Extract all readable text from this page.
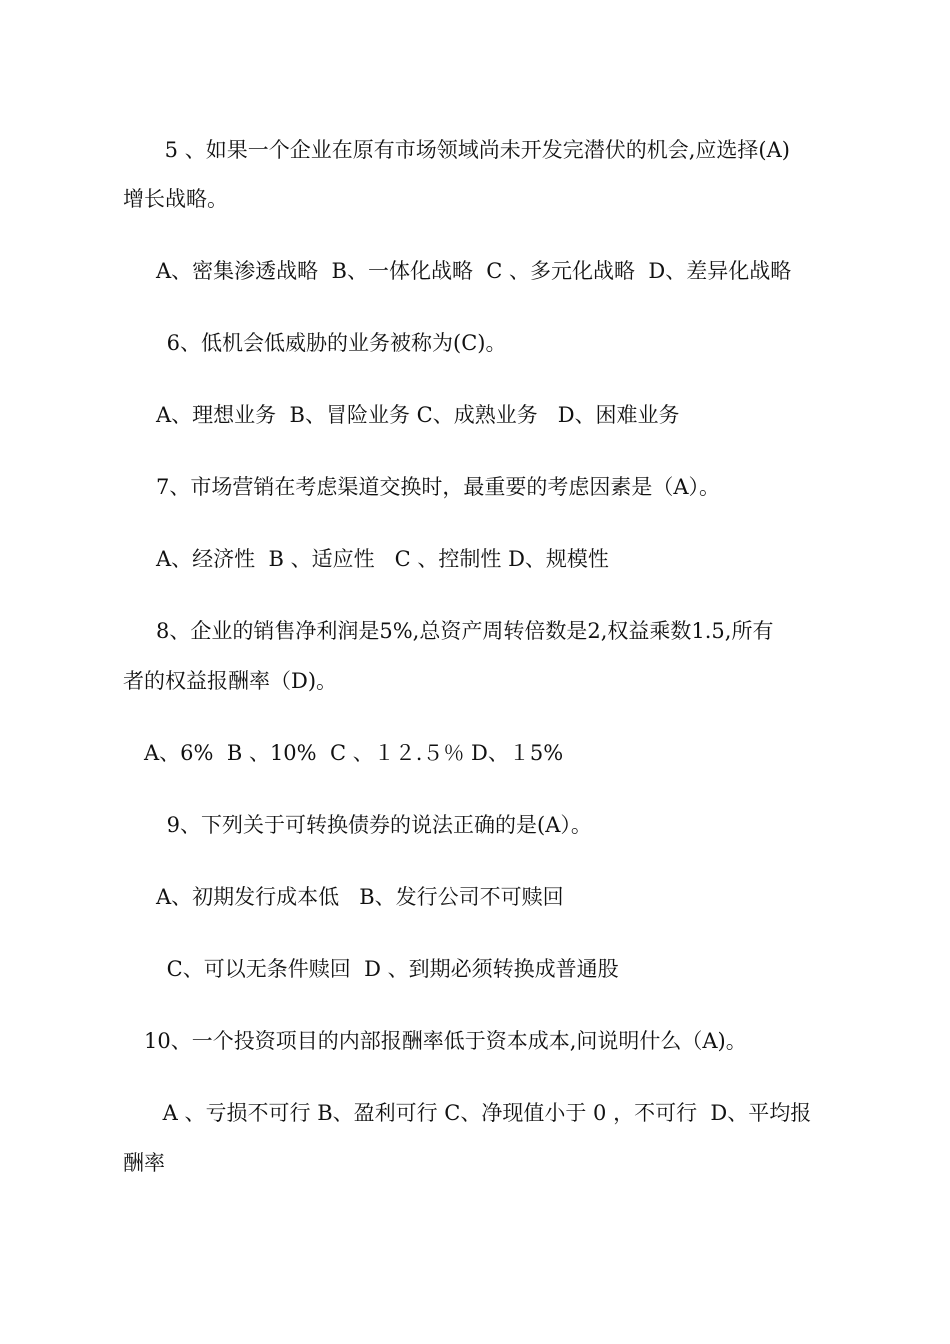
5 、如果一个企业在原有市场领域尚未开发完潜伏的机会,应选择(A)
增长战略。
A、密集渗透战略  B、一体化战略  C 、多元化战略  D、差异化战略
6、低机会低威胁的业务被称为(C)。
A、理想业务  B、冒险业务 C、成熟业务   D、困难业务
7、市场营销在考虑渠道交换时，最重要的考虑因素是（A）。
A、经济性  B 、适应性   C 、控制性 D、规模性
8、企业的销售净利润是5%,总资产周转倍数是2,权益乘数1.5,所有
者的权益报酬率（D)。
A、6%  B 、10%  C 、１２.５％ D、１5%
9、下列关于可转换债券的说法正确的是(A）。
A、初期发行成本低   B、发行公司不可赎回
C、可以无条件赎回  D 、到期必须转换成普通股
10、一个投资项目的内部报酬率低于资本成本,问说明什么（A)。
A 、亏损不可行 B、盈利可行 C、净现值小于 0 ，不可行  D、平均报
酬率
